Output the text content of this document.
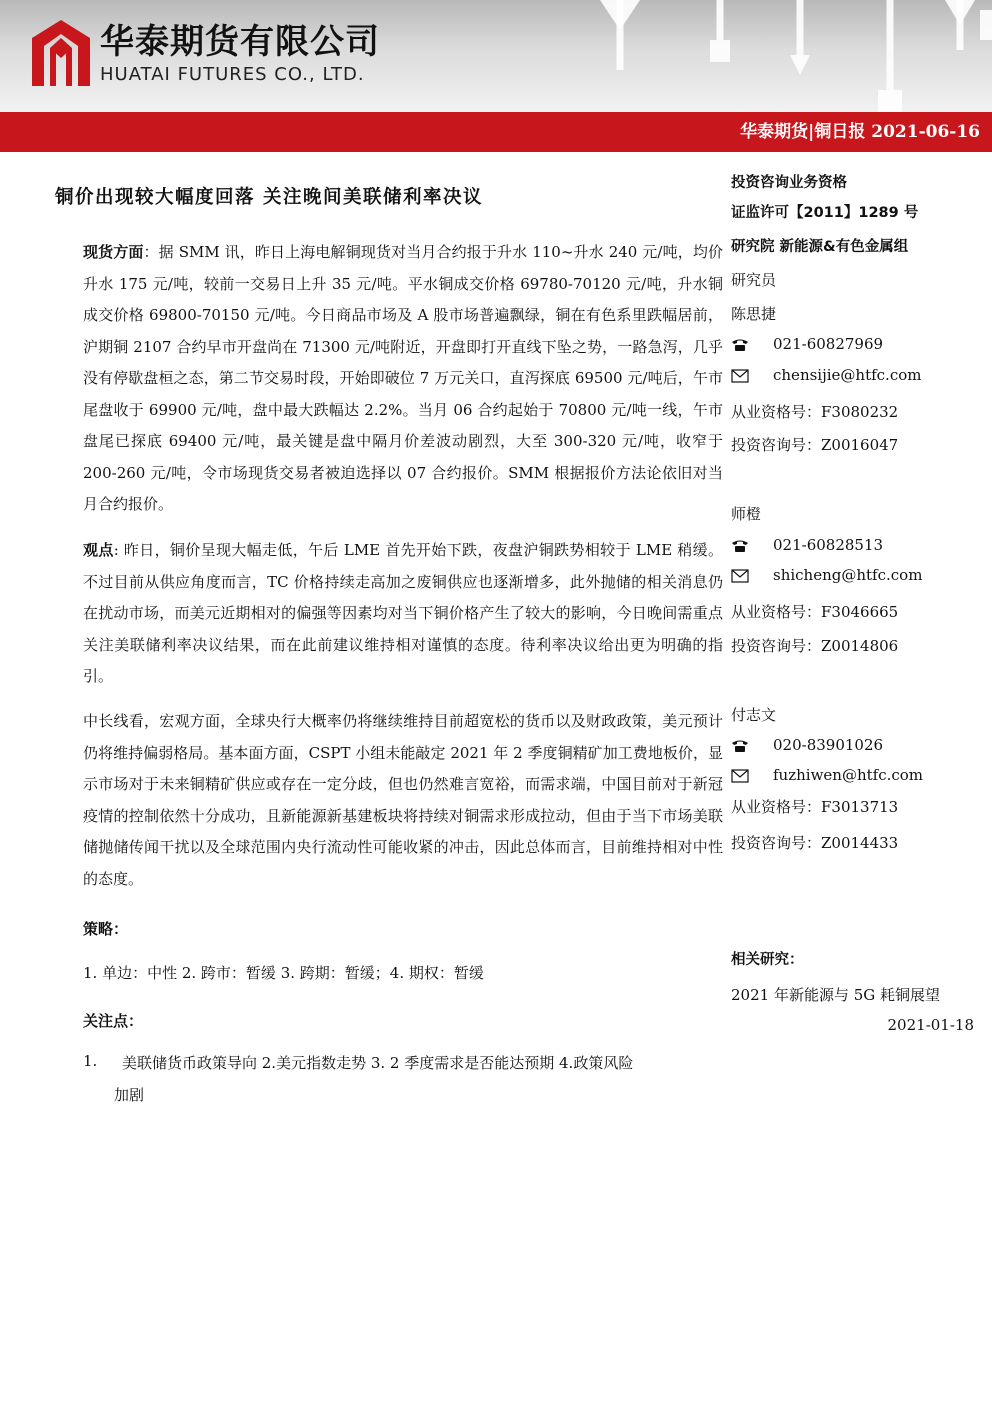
华泰期货有限公司
HUATAI FUTURES CO., LTD.
华泰期货|铜日报 2021-06-16
铜价出现较大幅度回落 关注晚间美联储利率决议
现货方面：据 SMM 讯，昨日上海电解铜现货对当月合约报于升水 110~升水 240 元/吨，均价升水 175 元/吨，较前一交易日上升 35 元/吨。平水铜成交价格 69780-70120 元/吨，升水铜成交价格 69800-70150 元/吨。今日商品市场及 A 股市场普遍飘绿，铜在有色系里跌幅居前，沪期铜 2107 合约早市开盘尚在 71300 元/吨附近，开盘即打开直线下坠之势，一路急泻，几乎没有停歇盘桓之态，第二节交易时段，开始即破位 7 万元关口，直泻探底 69500 元/吨后，午市尾盘收于 69900 元/吨，盘中最大跌幅达 2.2%。当月 06 合约起始于 70800 元/吨一线，午市盘尾已探底 69400 元/吨，最关键是盘中隔月价差波动剧烈，大至 300-320 元/吨，收窄于 200-260 元/吨，令市场现货交易者被迫选择以 07 合约报价。SMM 根据报价方法论依旧对当月合约报价。
观点: 昨日，铜价呈现大幅走低，午后 LME 首先开始下跌，夜盘沪铜跌势相较于 LME 稍缓。不过目前从供应角度而言，TC 价格持续走高加之废铜供应也逐渐增多，此外抛储的相关消息仍在扰动市场，而美元近期相对的偏强等因素均对当下铜价格产生了较大的影响，今日晚间需重点关注美联储利率决议结果，而在此前建议维持相对谨慎的态度。待利率决议给出更为明确的指引。
中长线看，宏观方面，全球央行大概率仍将继续维持目前超宽松的货币以及财政政策，美元预计仍将维持偏弱格局。基本面方面，CSPT 小组未能敲定 2021 年 2 季度铜精矿加工费地板价，显示市场对于未来铜精矿供应或存在一定分歧，但也仍然难言宽裕，而需求端，中国目前对于新冠疫情的控制依然十分成功，且新能源新基建板块将持续对铜需求形成拉动，但由于当下市场美联储抛储传闻干扰以及全球范围内央行流动性可能收紧的冲击，因此总体而言，目前维持相对中性的态度。
策略：
1. 单边：中性 2. 跨市：暂缓 3. 跨期：暂缓；4. 期权：暂缓
关注点：
1. 美联储货币政策导向 2.美元指数走势 3. 2 季度需求是否能达预期 4.政策风险
加剧
投资咨询业务资格
证监许可【2011】1289 号
研究院 新能源&有色金属组
研究员
陈思捷
021-60827969
chensijie@htfc.com
从业资格号：F3080232
投资咨询号：Z0016047
师橙
021-60828513
shicheng@htfc.com
从业资格号：F3046665
投资咨询号：Z0014806
付志文
020-83901026
fuzhiwen@htfc.com
从业资格号：F3013713
投资咨询号：Z0014433
相关研究：
2021 年新能源与 5G 耗铜展望
2021-01-18
